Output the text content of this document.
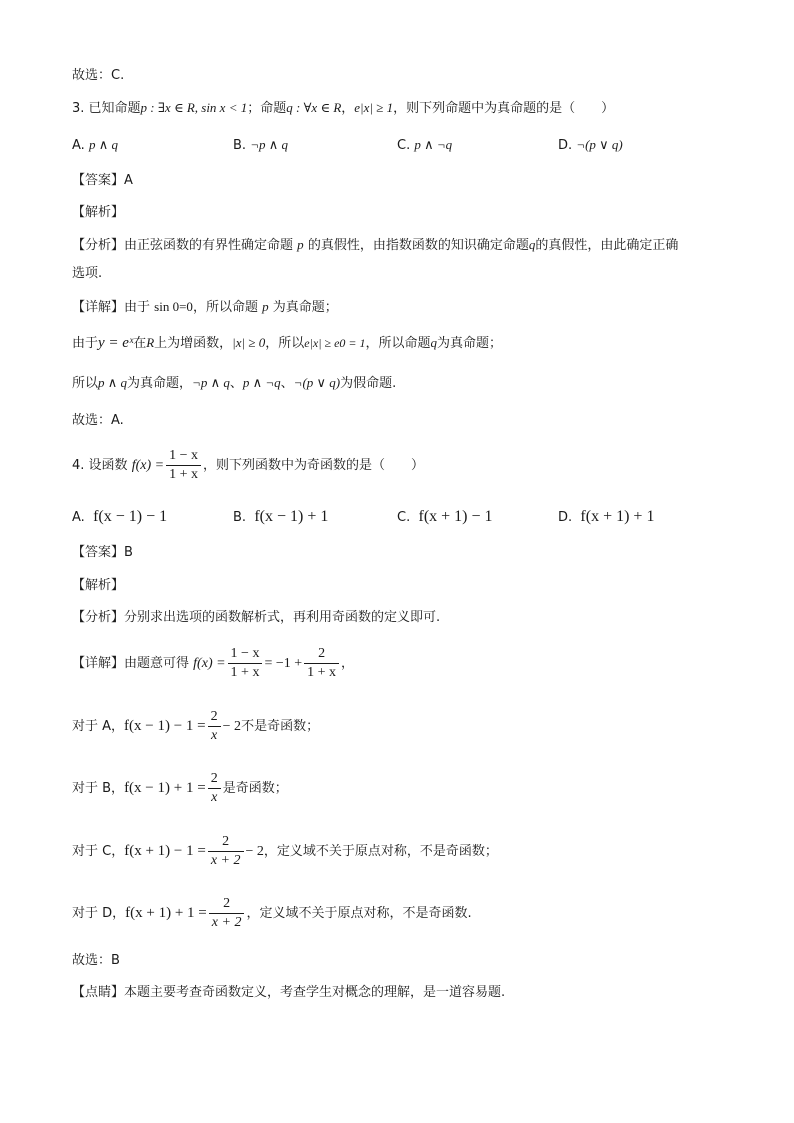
故选：C.
3. 已知命题p : ∃x ∈ R, sin x < 1；命题q : ∀x ∈ R，e|x| ≥ 1，则下列命题中为真命题的是（　　）
A. p ∧ q	B. ¬p ∧ q	C. p ∧ ¬q	D. ¬(p ∨ q)
【答案】A
【解析】
【分析】由正弦函数的有界性确定命题 p 的真假性，由指数函数的知识确定命题q的真假性，由此确定正确
选项.
【详解】由于 sin 0=0，所以命题 p 为真命题；
由于y = eˣ在R上为增函数，|x| ≥ 0，所以e|x| ≥ e0 = 1，所以命题q为真命题；
所以p ∧ q为真命题，¬p ∧ q、p ∧ ¬q、¬(p ∨ q)为假命题.
故选：A.
4. 设函数 $f(x) = \frac{1 - x}{1 + x}$ ，则下列函数中为奇函数的是（　　）
A. f(x − 1) − 1	B. f(x − 1) + 1	C. f(x + 1) − 1	D. f(x + 1) + 1
【答案】B
【解析】
【分析】分别求出选项的函数解析式，再利用奇函数的定义即可.
【详解】由题意可得 $f(x) = \frac{1 - x}{1 + x} = -1 + \frac{2}{1 + x}$ ，
对于 A，$f(x - 1) - 1 = \frac{2}{x} - 2$不是奇函数；
对于 B，$f(x - 1) + 1 = \frac{2}{x}$ 是奇函数；
对于 C，$f(x + 1) - 1 = \frac{2}{x + 2} - 2$，定义域不关于原点对称，不是奇函数；
对于 D，$f(x + 1) + 1 = \frac{2}{x + 2}$ ，定义域不关于原点对称，不是奇函数.
故选：B
【点睛】本题主要考查奇函数定义，考查学生对概念的理解，是一道容易题.
